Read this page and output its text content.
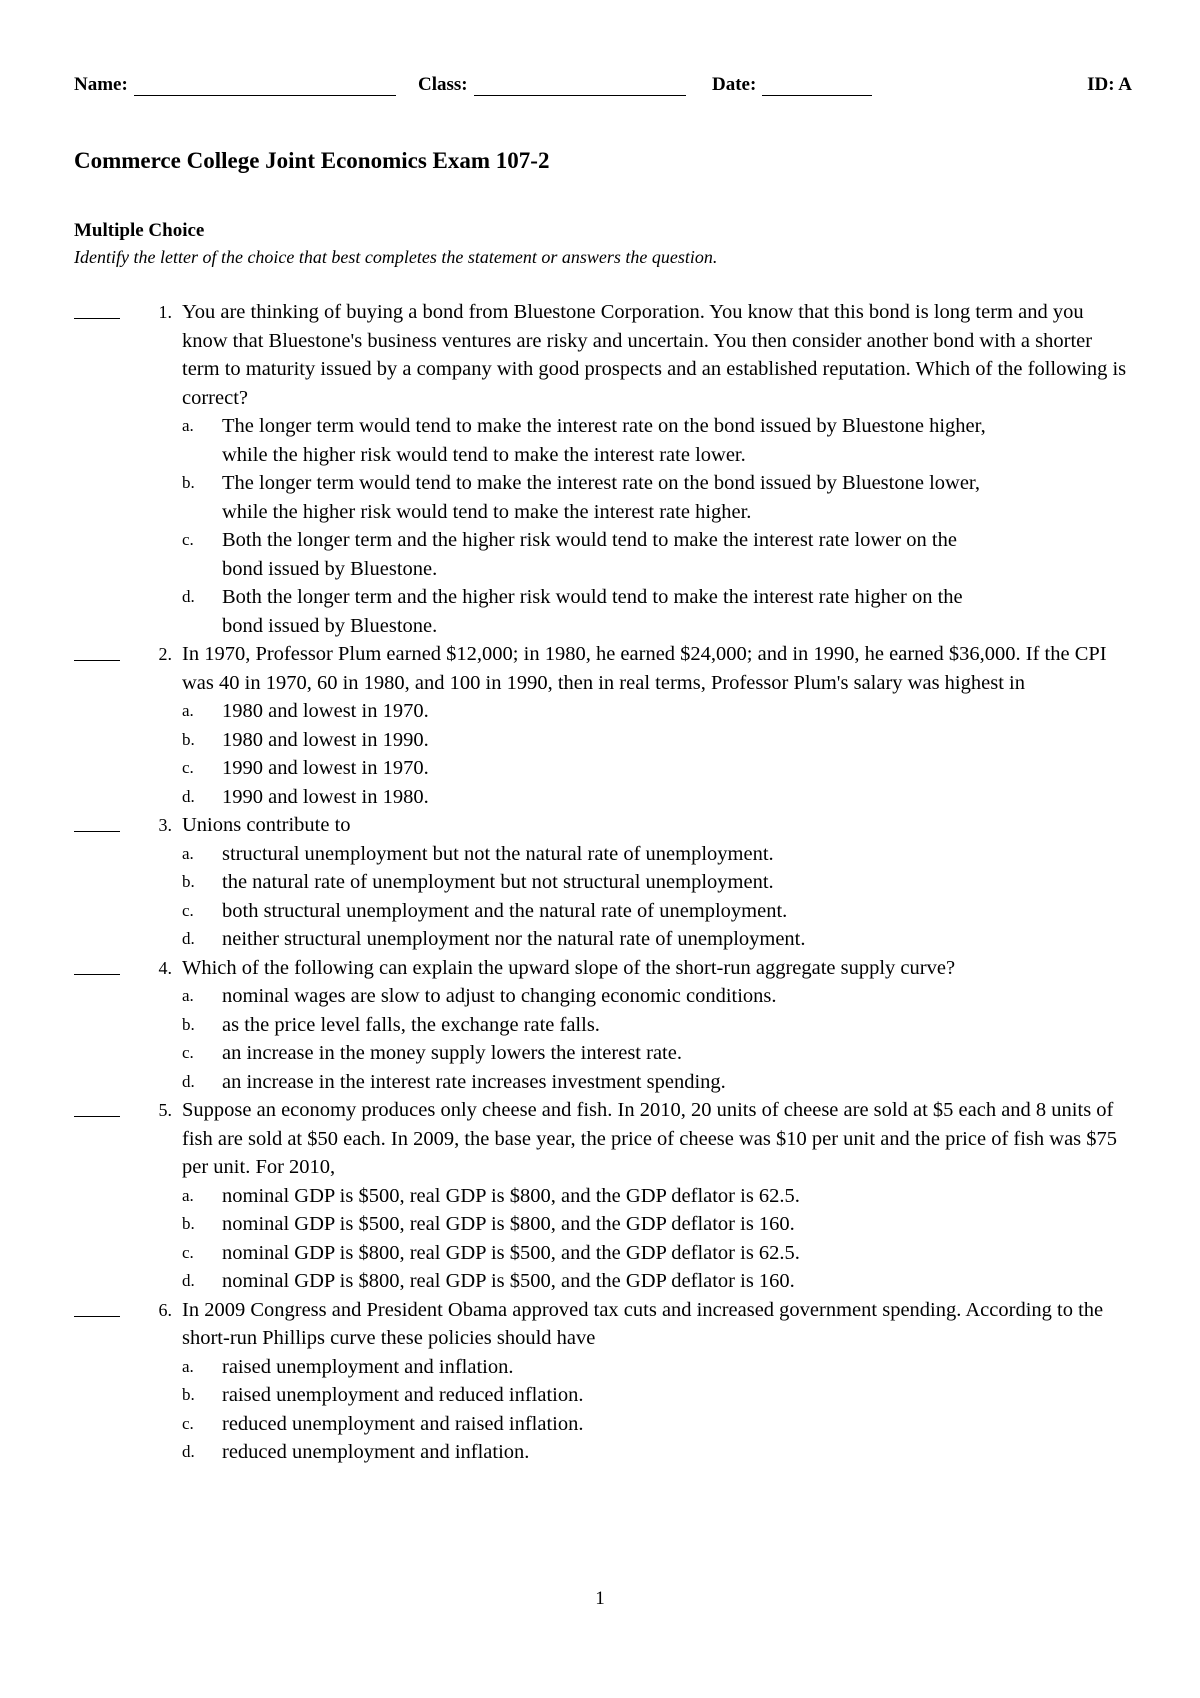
Name:	Class:	Date:	ID: A
Commerce College Joint Economics Exam 107-2
Multiple Choice
Identify the letter of the choice that best completes the statement or answers the question.
1. You are thinking of buying a bond from Bluestone Corporation. You know that this bond is long term and you know that Bluestone's business ventures are risky and uncertain. You then consider another bond with a shorter term to maturity issued by a company with good prospects and an established reputation. Which of the following is correct?
a. The longer term would tend to make the interest rate on the bond issued by Bluestone higher, while the higher risk would tend to make the interest rate lower.
b. The longer term would tend to make the interest rate on the bond issued by Bluestone lower, while the higher risk would tend to make the interest rate higher.
c. Both the longer term and the higher risk would tend to make the interest rate lower on the bond issued by Bluestone.
d. Both the longer term and the higher risk would tend to make the interest rate higher on the bond issued by Bluestone.
2. In 1970, Professor Plum earned $12,000; in 1980, he earned $24,000; and in 1990, he earned $36,000. If the CPI was 40 in 1970, 60 in 1980, and 100 in 1990, then in real terms, Professor Plum's salary was highest in
a. 1980 and lowest in 1970.
b. 1980 and lowest in 1990.
c. 1990 and lowest in 1970.
d. 1990 and lowest in 1980.
3. Unions contribute to
a. structural unemployment but not the natural rate of unemployment.
b. the natural rate of unemployment but not structural unemployment.
c. both structural unemployment and the natural rate of unemployment.
d. neither structural unemployment nor the natural rate of unemployment.
4. Which of the following can explain the upward slope of the short-run aggregate supply curve?
a. nominal wages are slow to adjust to changing economic conditions.
b. as the price level falls, the exchange rate falls.
c. an increase in the money supply lowers the interest rate.
d. an increase in the interest rate increases investment spending.
5. Suppose an economy produces only cheese and fish. In 2010, 20 units of cheese are sold at $5 each and 8 units of fish are sold at $50 each. In 2009, the base year, the price of cheese was $10 per unit and the price of fish was $75 per unit. For 2010,
a. nominal GDP is $500, real GDP is $800, and the GDP deflator is 62.5.
b. nominal GDP is $500, real GDP is $800, and the GDP deflator is 160.
c. nominal GDP is $800, real GDP is $500, and the GDP deflator is 62.5.
d. nominal GDP is $800, real GDP is $500, and the GDP deflator is 160.
6. In 2009 Congress and President Obama approved tax cuts and increased government spending. According to the short-run Phillips curve these policies should have
a. raised unemployment and inflation.
b. raised unemployment and reduced inflation.
c. reduced unemployment and raised inflation.
d. reduced unemployment and inflation.
1
